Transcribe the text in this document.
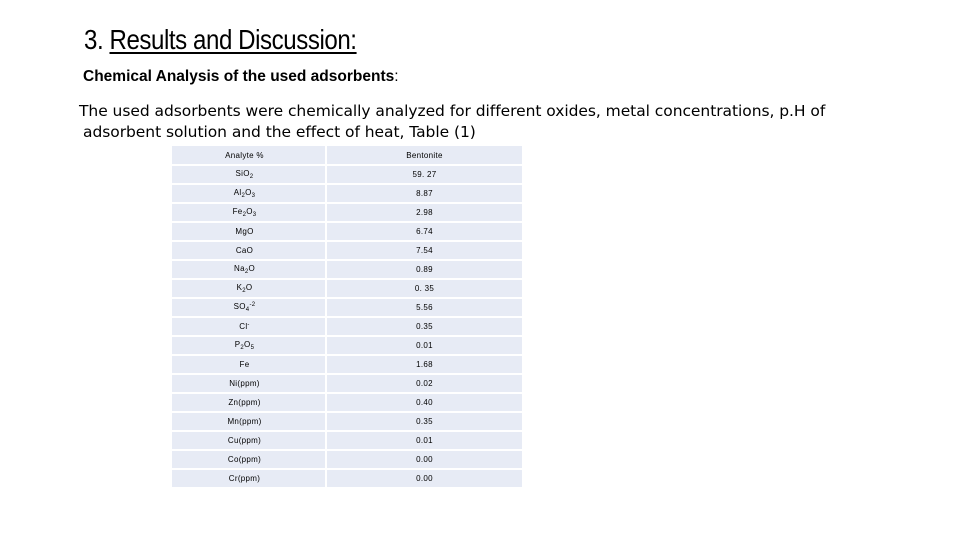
3. Results and Discussion:
Chemical Analysis of the used adsorbents:
The used adsorbents were chemically analyzed for different oxides, metal concentrations, p.H of
adsorbent solution and the effect of heat, Table (1)
Analyte %	Bentonite
SiO$_2$	59. 27
$Al_2O_3$	8.87
$Fe_2O_3$	2.98
MgO	6.74
CaO	7.54
$Na_2O$	0.89
$K_2O$	0. 35
$SO_4^{-2}$	5.56
Cl-	0.35
$P_2O_5$	0.01
Fe	1.68
Ni(ppm)	0.02
Zn(ppm)	0.40
Mn(ppm)	0.35
Cu(ppm)	0.01
Co(ppm)	0.00
Cr(ppm)	0.00
